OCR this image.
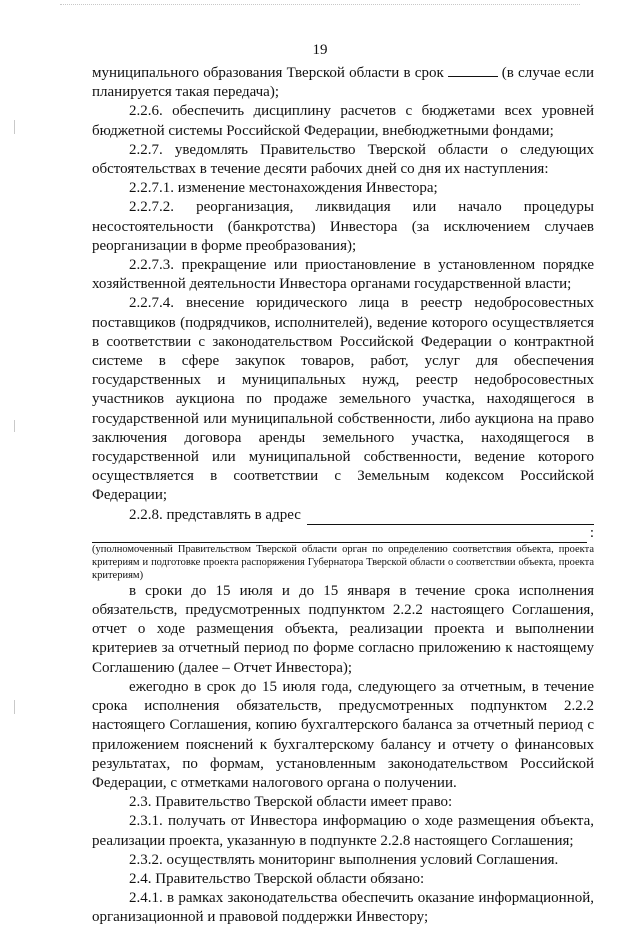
19

муниципального образования Тверской области в срок	(в случае если планируется такая передача);

2.2.6. обеспечить дисциплину расчетов с бюджетами всех уровней бюджетной системы Российской Федерации, внебюджетными фондами;

2.2.7. уведомлять Правительство Тверской области о следующих обстоятельствах в течение десяти рабочих дней со дня их наступления:

2.2.7.1. изменение местонахождения Инвестора;

2.2.7.2. реорганизация, ликвидация или начало процедуры несостоятельности (банкротства) Инвестора (за исключением случаев реорганизации в форме преобразования);

2.2.7.3. прекращение или приостановление в установленном порядке хозяйственной деятельности Инвестора органами государственной власти;

2.2.7.4. внесение юридического лица в реестр недобросовестных поставщиков (подрядчиков, исполнителей), ведение которого осуществляется в соответствии с законодательством Российской Федерации о контрактной системе в сфере закупок товаров, работ, услуг для обеспечения государственных и муниципальных нужд, реестр недобросовестных участников аукциона по продаже земельного участка, находящегося в государственной или муниципальной собственности, либо аукциона на право заключения договора аренды земельного участка, находящегося в государственной или муниципальной собственности, ведение которого осуществляется в соответствии с Земельным кодексом Российской Федерации;

2.2.8. представлять в адрес
:

(уполномоченный Правительством Тверской области орган по определению соответствия объекта, проекта критериям и подготовке проекта распоряжения Губернатора Тверской области о соответствии объекта, проекта критериям)

в сроки до 15 июля и до 15 января в течение срока исполнения обязательств, предусмотренных подпунктом 2.2.2 настоящего Соглашения, отчет о ходе размещения объекта, реализации проекта и выполнении критериев за отчетный период по форме согласно приложению к настоящему Соглашению (далее – Отчет Инвестора);

ежегодно в срок до 15 июля года, следующего за отчетным, в течение срока исполнения обязательств, предусмотренных подпунктом 2.2.2 настоящего Соглашения, копию бухгалтерского баланса за отчетный период с приложением пояснений к бухгалтерскому балансу и отчету о финансовых результатах, по формам, установленным законодательством Российской Федерации, с отметками налогового органа о получении.

2.3. Правительство Тверской области имеет право:

2.3.1. получать от Инвестора информацию о ходе размещения объекта, реализации проекта, указанную в подпункте 2.2.8 настоящего Соглашения;

2.3.2. осуществлять мониторинг выполнения условий Соглашения.

2.4. Правительство Тверской области обязано:

2.4.1. в рамках законодательства обеспечить оказание информационной, организационной и правовой поддержки Инвестору;
